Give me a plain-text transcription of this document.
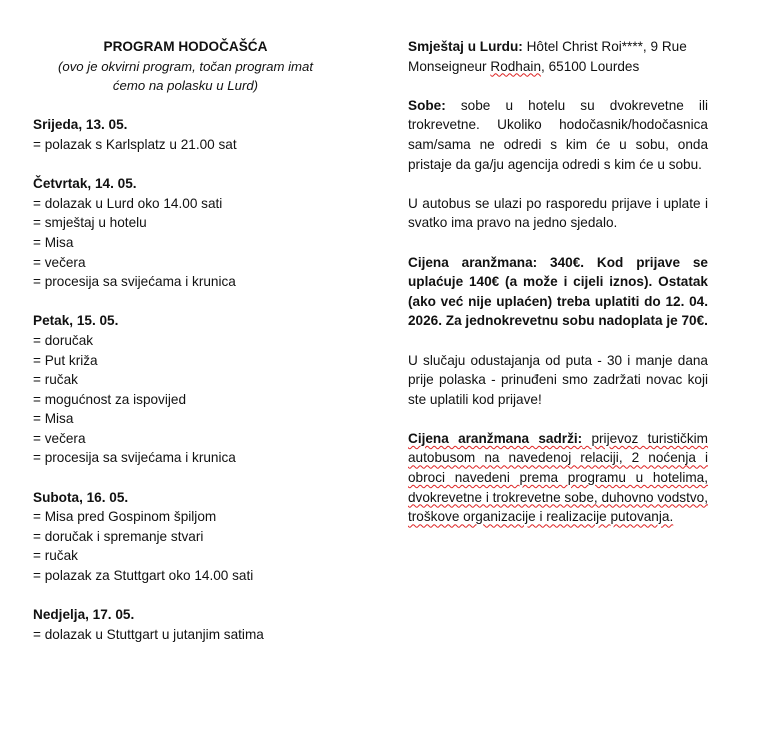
PROGRAM HODOČAŠĆA
(ovo je okvirni program, točan program imat
ćemo na polasku u Lurd)
Srijeda, 13. 05.
= polazak s Karlsplatz u 21.00 sat
Četvrtak, 14. 05.
= dolazak u Lurd oko 14.00 sati
= smještaj u hotelu
= Misa
= večera
= procesija sa svijećama i krunica
Petak, 15. 05.
= doručak
= Put križa
= ručak
= mogućnost za ispovijed
= Misa
= večera
= procesija sa svijećama i krunica
Subota, 16. 05.
= Misa pred Gospinom špiljom
= doručak i spremanje stvari
= ručak
= polazak za Stuttgart oko 14.00 sati
Nedjelja, 17. 05.
= dolazak u Stuttgart u jutanjim satima
Smještaj u Lurdu: Hôtel Christ Roi****, 9 Rue Monseigneur Rodhain, 65100 Lourdes
Sobe: sobe u hotelu su dvokrevetne ili trokrevetne. Ukoliko hodočasnik/hodočasnica sam/sama ne odredi s kim će u sobu, onda pristaje da ga/ju agencija odredi s kim će u sobu.
U autobus se ulazi po rasporedu prijave i uplate i svatko ima pravo na jedno sjedalo.
Cijena aranžmana: 340€. Kod prijave se uplaćuje 140€ (a može i cijeli iznos). Ostatak (ako već nije uplaćen) treba uplatiti do 12. 04. 2026. Za jednokrevetnu sobu nadoplata je 70€.
U slučaju odustajanja od puta - 30 i manje dana prije polaska - prinuđeni smo zadržati novac koji ste uplatili kod prijave!
Cijena aranžmana sadrži: prijevoz turističkim autobusom na navedenoj relaciji, 2 noćenja i obroci navedeni prema programu u hotelima, dvokrevetne i trokrevetne sobe, duhovno vodstvo, troškove organizacije i realizacije putovanja.
